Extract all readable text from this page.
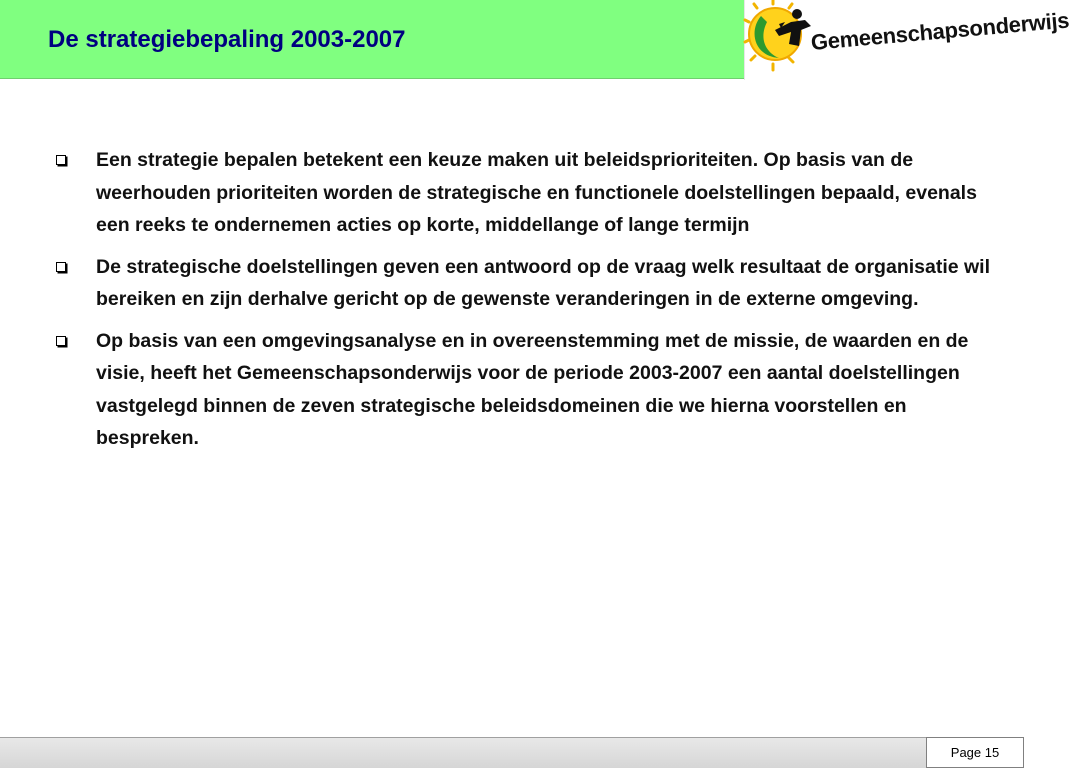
De strategiebepaling 2003-2007	Gemeenschapsonderwijs
Een strategie bepalen betekent een keuze maken uit beleidsprioriteiten. Op basis van de weerhouden prioriteiten worden de strategische en functionele doelstellingen bepaald, evenals een reeks te ondernemen acties op korte, middellange of lange termijn
De strategische doelstellingen geven een antwoord op de vraag welk resultaat de organisatie wil bereiken en zijn derhalve gericht op de gewenste veranderingen in de externe omgeving.
Op basis van een omgevingsanalyse en in overeenstemming met de missie, de waarden en de visie, heeft het Gemeenschapsonderwijs voor de periode 2003-2007 een aantal doelstellingen vastgelegd binnen de zeven strategische beleidsdomeinen die we hierna voorstellen en bespreken.
Page 15
